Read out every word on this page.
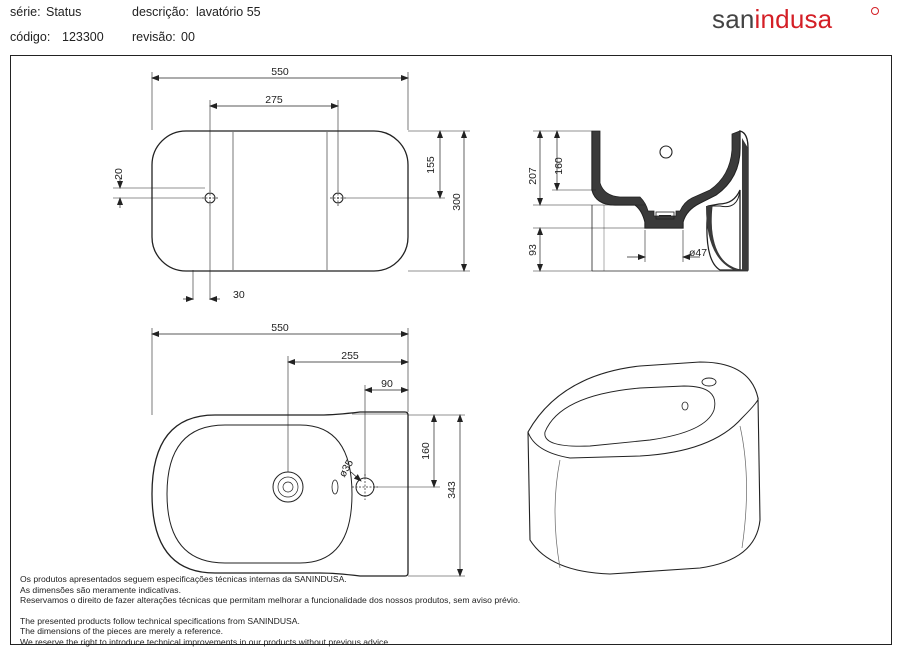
série: Status	descrição: lavatório 55
código: 123300 revisão: 00
sanindusa
550
275
20
30
155
300
207
160
93	ø47
550
255
90
ø35
160
343
Os produtos apresentados seguem especificações técnicas internas da SANINDUSA.
As dimensões são meramente indicativas.
Reservamos o direito de fazer alterações técnicas que permitam melhorar a funcionalidade dos nossos produtos, sem aviso prévio.
The presented products follow technical specifications from SANINDUSA.
The dimensions of the pieces are merely a reference.
We reserve the right to introduce technical improvements in our products without previous advice.
